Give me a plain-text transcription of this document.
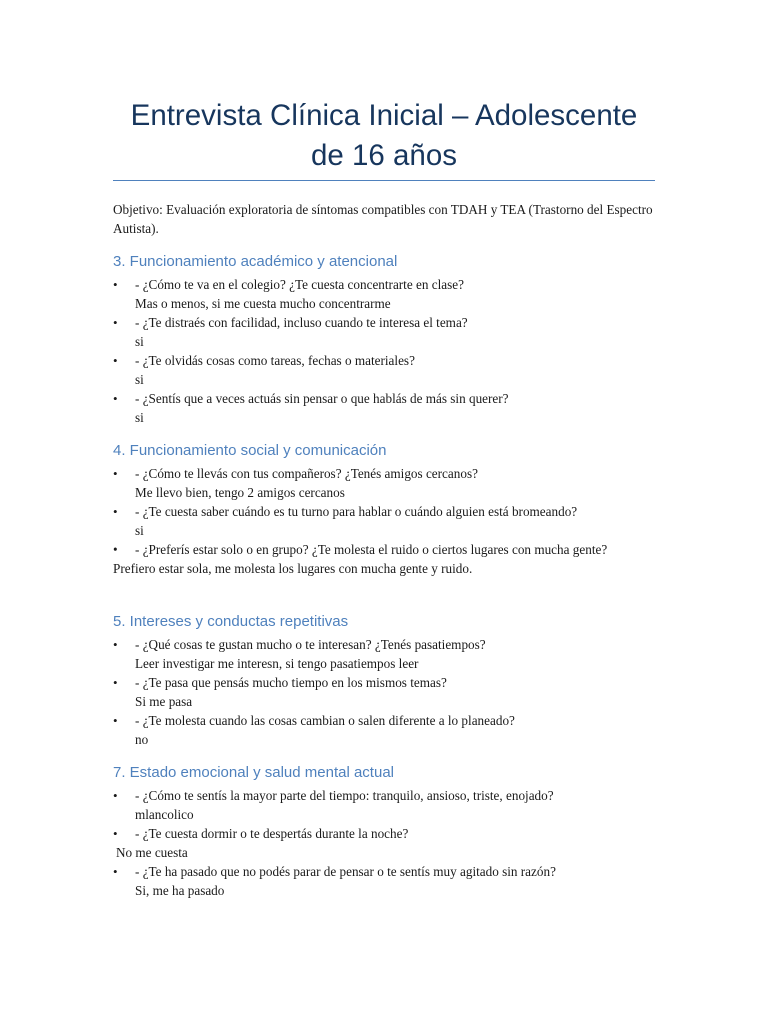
Entrevista Clínica Inicial – Adolescente de 16 años
Objetivo: Evaluación exploratoria de síntomas compatibles con TDAH y TEA (Trastorno del Espectro Autista).
3. Funcionamiento académico y atencional
• - ¿Cómo te va en el colegio? ¿Te cuesta concentrarte en clase?
Mas o menos, si me cuesta mucho concentrarme
• - ¿Te distraés con facilidad, incluso cuando te interesa el tema?
si
• - ¿Te olvidás cosas como tareas, fechas o materiales?
si
• - ¿Sentís que a veces actuás sin pensar o que hablás de más sin querer?
si
4. Funcionamiento social y comunicación
• - ¿Cómo te llevás con tus compañeros? ¿Tenés amigos cercanos?
Me llevo bien, tengo 2 amigos cercanos
• - ¿Te cuesta saber cuándo es tu turno para hablar o cuándo alguien está bromeando?
si
• - ¿Preferís estar solo o en grupo? ¿Te molesta el ruido o ciertos lugares con mucha gente?
Prefiero estar sola, me molesta los lugares con mucha gente y ruido.
5. Intereses y conductas repetitivas
• - ¿Qué cosas te gustan mucho o te interesan? ¿Tenés pasatiempos?
Leer investigar me interesn, si tengo pasatiempos leer
• - ¿Te pasa que pensás mucho tiempo en los mismos temas?
Si me pasa
• - ¿Te molesta cuando las cosas cambian o salen diferente a lo planeado?
no
7. Estado emocional y salud mental actual
• - ¿Cómo te sentís la mayor parte del tiempo: tranquilo, ansioso, triste, enojado?
mlancolico
• - ¿Te cuesta dormir o te despertás durante la noche?
No me cuesta
• - ¿Te ha pasado que no podés parar de pensar o te sentís muy agitado sin razón?
Si, me ha pasado
